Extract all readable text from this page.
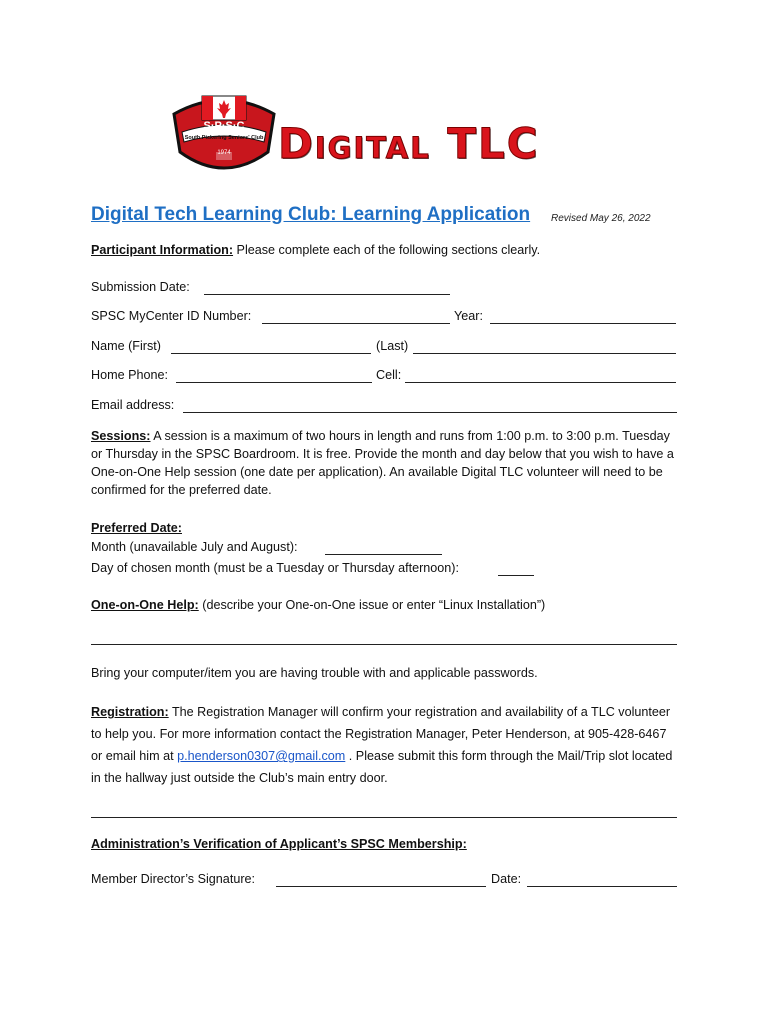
S·P·S·C
South Pickering Seniors' Club
1974 Digital TLC
Digital Tech Learning Club: Learning Application Revised May 26, 2022
Participant Information: Please complete each of the following sections clearly.
Submission Date:
SPSC MyCenter ID Number:	Year:
Name (First)	(Last)
Home Phone:	Cell:
Email address:

Sessions: A session is a maximum of two hours in length and runs from 1:00 p.m. to 3:00 p.m. Tuesday or Thursday in the SPSC Boardroom. It is free. Provide the month and day below that you wish to have a One-on-One Help session (one date per application). An available Digital TLC volunteer will need to be confirmed for the preferred date.

Preferred Date:
Month (unavailable July and August):
Day of chosen month (must be a Tuesday or Thursday afternoon):
One-on-One Help: (describe your One-on-One issue or enter “Linux Installation”)
Bring your computer/item you are having trouble with and applicable passwords.

Registration: The Registration Manager will confirm your registration and availability of a TLC volunteer to help you. For more information contact the Registration Manager, Peter Henderson, at 905-428-6467 or email him at p.henderson0307@gmail.com . Please submit this form through the Mail/Trip slot located in the hallway just outside the Club’s main entry door.

Administration’s Verification of Applicant’s SPSC Membership:
Member Director’s Signature:	Date:
